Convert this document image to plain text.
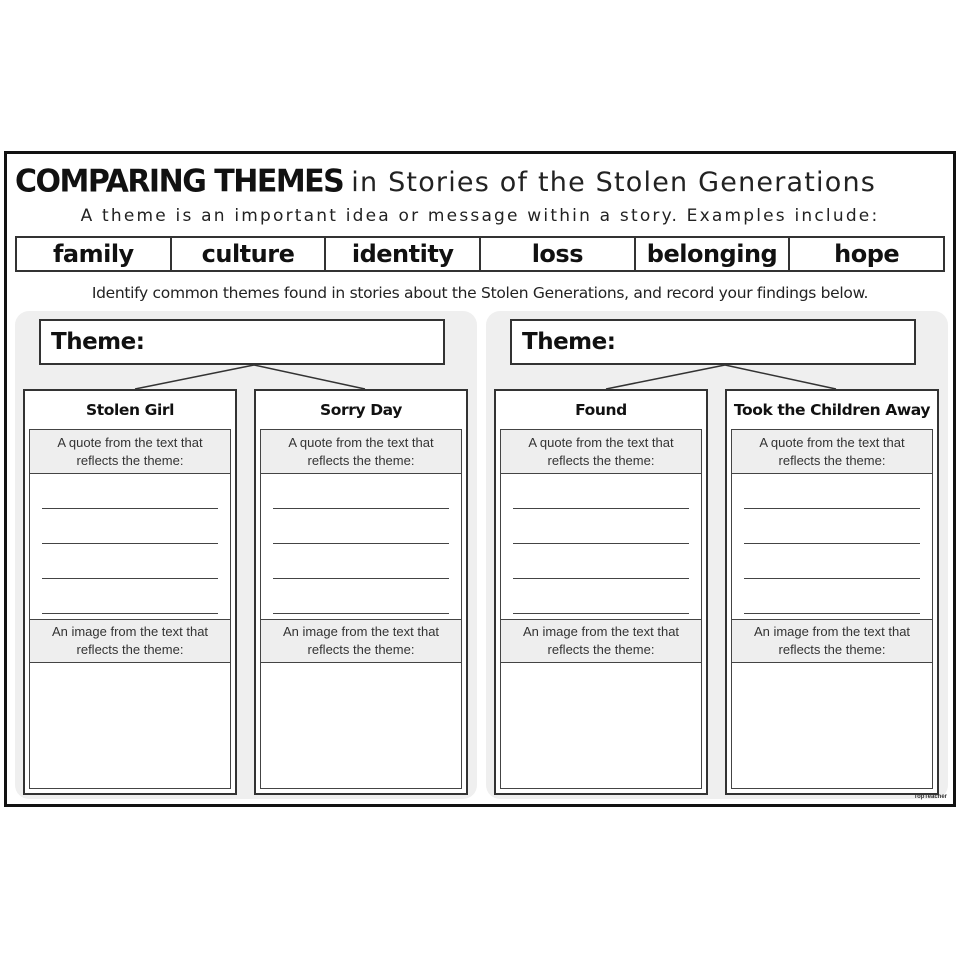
COMPARING THEMES in Stories of the Stolen Generations
A theme is an important idea or message within a story. Examples include:
family	culture	identity	loss	belonging	hope
Identify common themes found in stories about the Stolen Generations, and record your findings below.
Theme:
Stolen Girl
A quote from the text that reflects the theme:
An image from the text that reflects the theme:
Sorry Day
A quote from the text that reflects the theme:
An image from the text that reflects the theme:
Theme:
Found
A quote from the text that reflects the theme:
An image from the text that reflects the theme:
Took the Children Away
A quote from the text that reflects the theme:
An image from the text that reflects the theme:
TopTeacher
